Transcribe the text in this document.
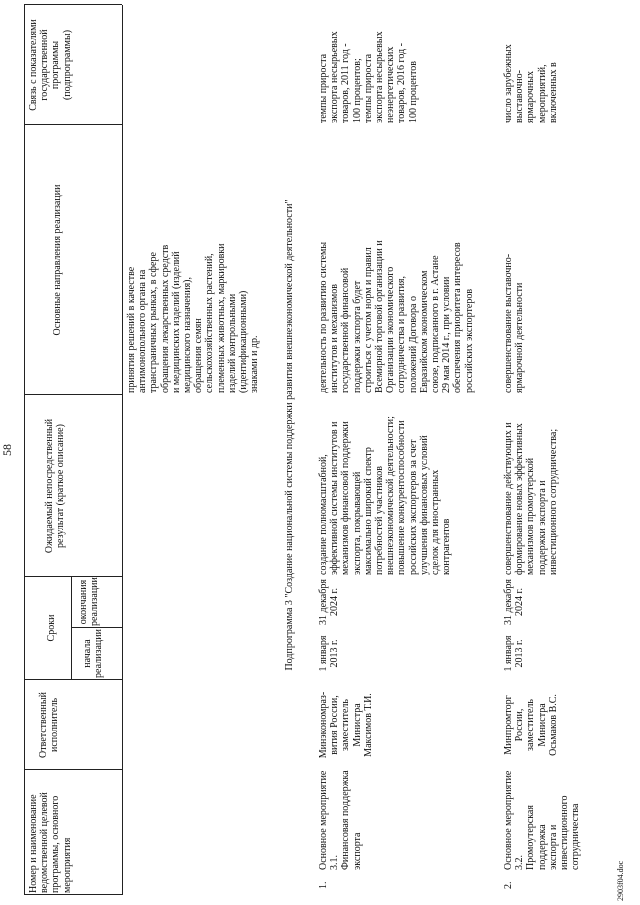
58
Номер и наименование
ведомственной целевой
программы, основного
мероприятия
Ответственный
исполнитель
Сроки
начала
реализации
окончания
реализации
Ожидаемый непосредственный
результат (краткое описание)
Основные направления реализации
Связь с показателями
государственной
программы
(подпрограммы)
принятия решений в качестве
антимонопольного органа на
трансграничных рынках, в сфере
обращения лекарственных средств
и медицинских изделий (изделий
медицинского назначения),
обращения семян
сельскохозяйственных растений,
племенных животных, маркировки
изделий контрольными
(идентификационными)
знаками и др. Подпрограмма 3 "Создание национальной системы поддержки развития внешнеэкономической деятельности"
1.
Основное мероприятие 3.1.
Финансовая поддержка
экспорта
Минэкономраз-
вития России,
заместитель
Министра
Максимов Т.И.
1 января
2013 г.
31 декабря
2024 г.
создание полномасштабной,
эффективной системы институтов и
механизмов финансовой поддержки
экспорта, покрывающей
максимально широкий спектр
потребностей участников
внешнеэкономической деятельности;
повышение конкурентоспособности
российских экспортеров за счет
улучшения финансовых условий
сделок для иностранных
контрагентов
деятельность по развитию системы
институтов и механизмов
государственной финансовой
поддержки экспорта будет
строиться с учетом норм и правил
Всемирной торговой организации и
Организации экономического
сотрудничества и развития,
положений Договора о
Евразийском экономическом
союзе, подписанного в г. Астане
29 мая 2014 г., при условии
обеспечения приоритета интересов
российских экспортеров
темпы прироста
экспорта несырьевых
товаров, 2011 год -
100 процентов;
темпы прироста
экспорта несырьевых
неэнергетических
товаров, 2016 год -
100 процентов
2.
Основное мероприятие 3.2.
Промоутерская поддержка
экспорта и инвестиционного
сотрудничества
Минпромторг
России,
заместитель
Министра
Осьмаков В.С.
1 января
2013 г.
31 декабря
2024 г.
совершенствование действующих и
формирование новых эффективных
механизмов промоутерской
поддержки экспорта и
инвестиционного сотрудничества;
совершенствование выставочно-
ярмарочной деятельности
число зарубежных
выставочно-
ярмарочных
мероприятий,
включенных в
2903f04.doc
